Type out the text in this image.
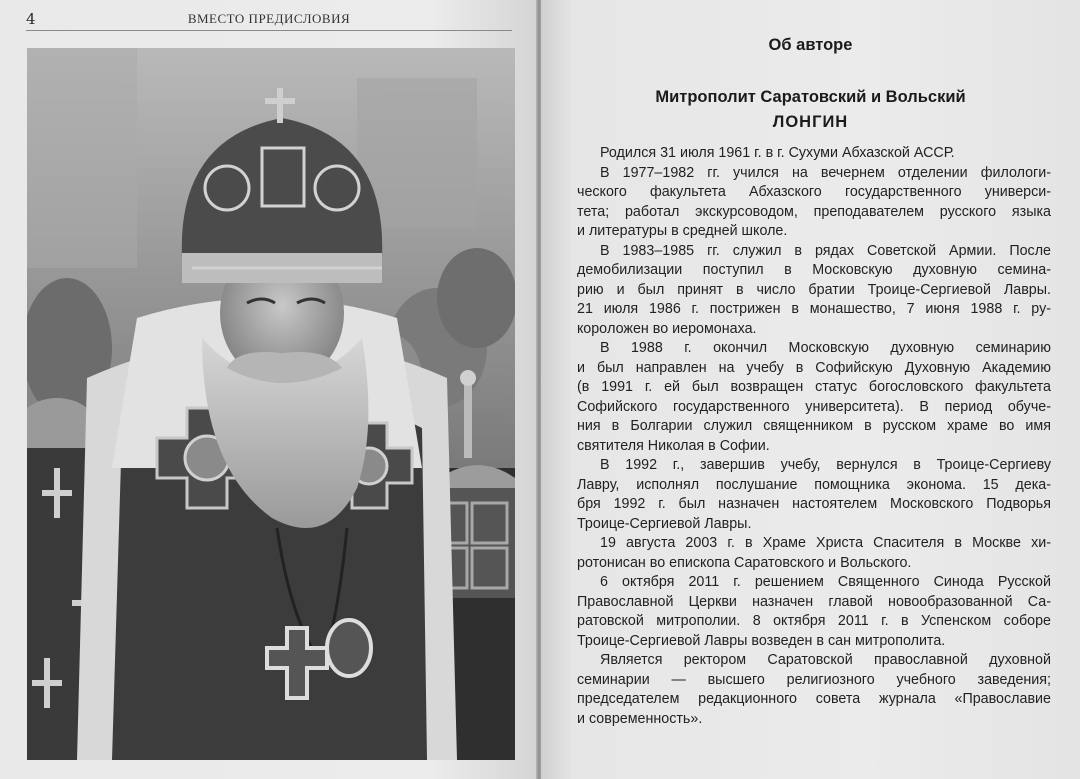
4	ВМЕСТО ПРЕДИСЛОВИЯ
Об авторе
Митрополит Саратовский и Вольский
ЛОНГИН
Родился 31 июля 1961 г. в г. Сухуми Абхазской АССР.
В 1977–1982 гг. учился на вечернем отделении филологи-
ческого факультета Абхазского государственного универси-
тета; работал экскурсоводом, преподавателем русского языка
и литературы в средней школе.
В 1983–1985 гг. служил в рядах Советской Армии. После
демобилизации поступил в Московскую духовную семина-
рию и был принят в число братии Троице-Сергиевой Лавры.
21 июля 1986 г. пострижен в монашество, 7 июня 1988 г. ру-
кopoложен во иеромонаха.
В 1988 г. окончил Московскую духовную семинарию
и был направлен на учебу в Софийскую Духовную Академию
(в 1991 г. ей был возвращен статус богословского факультета
Софийского государственного университета). В период обуче-
ния в Болгарии служил священником в русском храме во имя
святителя Николая в Софии.
В 1992 г., завершив учебу, вернулся в Троице-Сергиеву
Лавру, исполнял послушание помощника эконома. 15 дека-
бря 1992 г. был назначен настоятелем Московского Подворья
Троице-Сергиевой Лавры.
19 августа 2003 г. в Храме Христа Спасителя в Москве хи-
ротонисан во епископа Саратовского и Вольского.
6 октября 2011 г. решением Священного Синода Русской
Православной Церкви назначен главой новообразованной Са-
ратовской митрополии. 8 октября 2011 г. в Успенском соборе
Троице-Сергиевой Лавры возведен в сан митрополита.
Является ректором Саратовской православной духовной
семинарии — высшего религиозного учебного заведения;
председателем редакционного совета журнала «Православие
и современность».
